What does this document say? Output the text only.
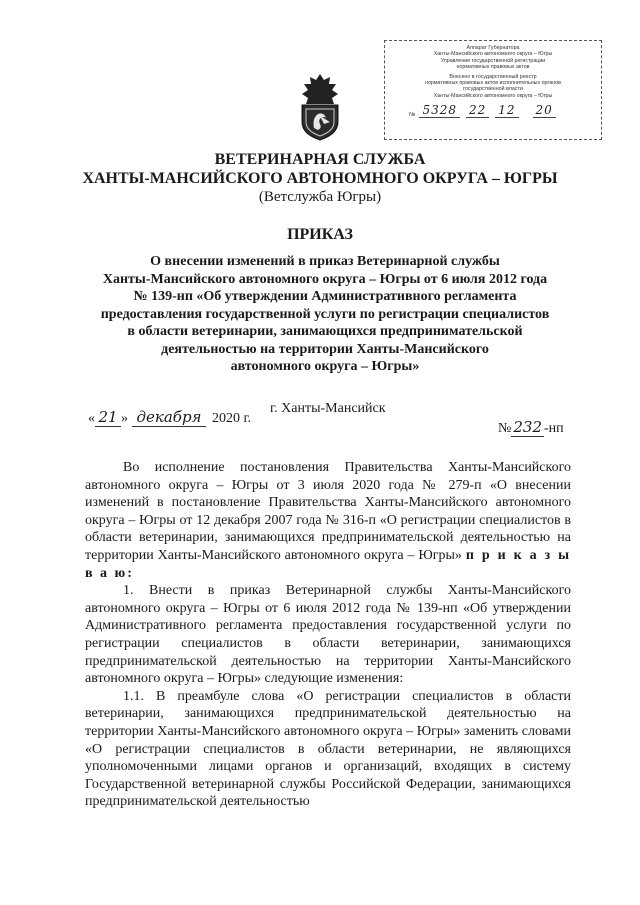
Аппарат Губернатора
Ханты-Мансийского автономного округа – Югры
Управление государственной регистрации
нормативных правовых актов
Внесено в государственный реестр
нормативных правовых актов исполнительных органов
государственной власти
Ханты-Мансийского автономного округа – Югры
№ 5328 22 12 20
ВЕТЕРИНАРНАЯ СЛУЖБА
ХАНТЫ-МАНСИЙСКОГО АВТОНОМНОГО ОКРУГА – ЮГРЫ
(Ветслужба Югры)
ПРИКАЗ
О внесении изменений в приказ Ветеринарной службы
Ханты-Мансийского автономного округа – Югры от 6 июля 2012 года
№ 139-нп «Об утверждении Административного регламента
предоставления государственной услуги по регистрации специалистов
в области ветеринарии, занимающихся предпринимательской
деятельностью на территории Ханты-Мансийского
автономного округа – Югры»
г. Ханты-Мансийск
« 21 » декабря 2020 г.
№ 232 -нп

Во исполнение постановления Правительства Ханты-Мансийского автономного округа – Югры от 3 июля 2020 года № 279-п «О внесении изменений в постановление Правительства Ханты-Мансийского автономного округа – Югры от 12 декабря 2007 года № 316-п «О регистрации специалистов в области ветеринарии, занимающихся предпринимательской деятельностью на территории Ханты-Мансийского автономного округа – Югры» п р и к а з ы в а ю:

1. Внести в приказ Ветеринарной службы Ханты-Мансийского автономного округа – Югры от 6 июля 2012 года № 139-нп «Об утверждении Административного регламента предоставления государственной услуги по регистрации специалистов в области ветеринарии, занимающихся предпринимательской деятельностью на территории Ханты-Мансийского автономного округа – Югры» следующие изменения:

1.1. В преамбуле слова «О регистрации специалистов в области ветеринарии, занимающихся предпринимательской деятельностью на территории Ханты-Мансийского автономного округа – Югры» заменить словами «О регистрации специалистов в области ветеринарии, не являющихся уполномоченными лицами органов и организаций, входящих в систему Государственной ветеринарной службы Российской Федерации, занимающихся предпринимательской деятельностью
